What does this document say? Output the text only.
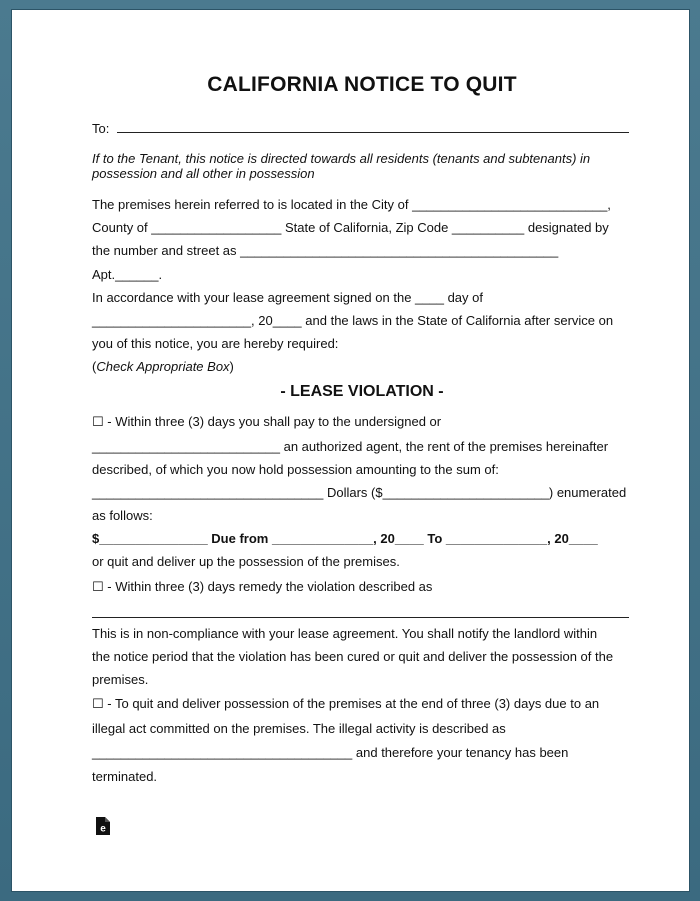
CALIFORNIA NOTICE TO QUIT
To:
If to the Tenant, this notice is directed towards all residents (tenants and subtenants) in
possession and all other in possession
The premises herein referred to is located in the City of ___________________________,
County of __________________ State of California, Zip Code __________ designated by
the number and street as ____________________________________________
Apt.______.
In accordance with your lease agreement signed on the ____ day of
______________________, 20____ and the laws in the State of California after service on
you of this notice, you are hereby required:
(Check Appropriate Box)
- LEASE VIOLATION -
☐ - Within three (3) days you shall pay to the undersigned or
__________________________ an authorized agent, the rent of the premises hereinafter
described, of which you now hold possession amounting to the sum of:
________________________________ Dollars ($_______________________) enumerated
as follows:
$_______________ Due from ______________, 20____ To ______________, 20____
or quit and deliver up the possession of the premises.
☐ - Within three (3) days remedy the violation described as
This is in non-compliance with your lease agreement. You shall notify the landlord within
the notice period that the violation has been cured or quit and deliver the possession of the
premises.
☐ - To quit and deliver possession of the premises at the end of three (3) days due to an
illegal act committed on the premises. The illegal activity is described as
____________________________________ and therefore your tenancy has been
terminated.
e
